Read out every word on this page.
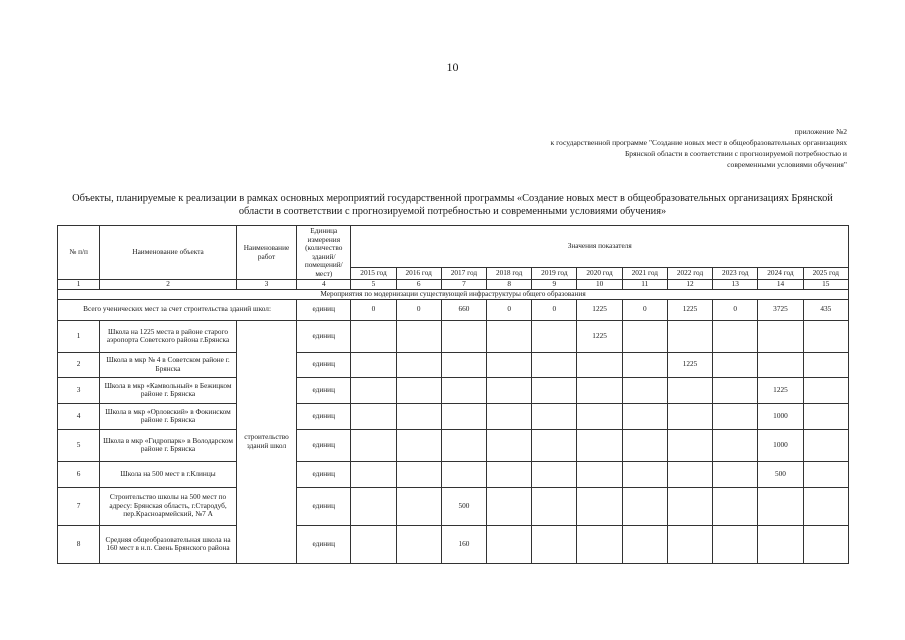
10
приложение №2
к государственной программе "Создание новых мест в общеобразовательных организациях
Брянской области в соответствии с прогнозируемой потребностью и
современными условиями обучения"
Объекты, планируемые к реализации в рамках основных мероприятий государственной программы «Создание новых мест в общеобразовательных организациях Брянской
области в соответствии с прогнозируемой потребностью и современными условиями обучения»
№ п/п	Наименование объекта	Наименование работ	Единица измерения (количество зданий/помещений/мест)	Значения показателя										
				2015 год	2016 год	2017 год	2018 год	2019 год	2020 год	2021 год	2022 год	2023 год	2024 год	2025 год
1	2	3	4	5	6	7	8	9	10	11	12	13	14	15
Мероприятия по модернизации существующей инфраструктуры общего образования														
Всего ученических мест за счет строительства зданий школ:			единиц	0	0	660	0	0	1225	0	1225	0	3725	435
1	Школа на 1225 места в районе старого аэропорта Советского района г.Брянска	строительство зданий школ	единиц						1225					
2	Школа в мкр № 4 в Советском районе г. Брянска		единиц								1225			
3	Школа в мкр «Камвольный» в Бежицком районе г. Брянска		единиц										1225	
4	Школа в мкр «Орловский» в Фокинском районе г. Брянска		единиц										1000	
5	Школа в мкр «Гидропарк» в Володарском районе г. Брянска		единиц										1000	
6	Школа на 500 мест в г.Клинцы		единиц										500	
7	Строительство школы на 500 мест по адресу: Брянская область, г.Стародуб, пер.Красноармейский, №7 А		единиц			500								
8	Средняя общеобразовательная школа на 160 мест в н.п. Свень Брянского района		единиц			160								
